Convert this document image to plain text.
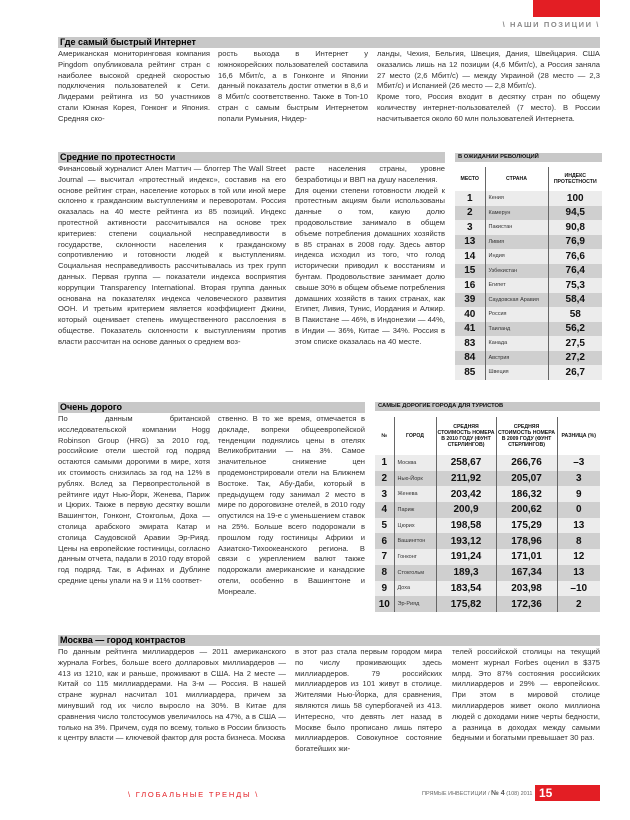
\ НАШИ ПОЗИЦИИ \
Где самый быстрый Интернет
Американская мониторинговая компания Pingdom опубликовала рейтинг стран с наиболее высокой средней скоростью подключения пользователей к Сети. Лидерами рейтинга из 50 участников стали Южная Корея, Гонконг и Япония. Средняя ско-
рость выхода в Интернет у южнокорейских пользователей составила 16,6 Мбит/с, а в Гонконге и Японии данный показатель достиг отметки в 8,6 и 8 Мбит/с соответственно. Также в Топ-10 стран с самым быстрым Интернетом попали Румыния, Нидер-
ланды, Чехия, Бельгия, Швеция, Дания, Швейцария. США оказались лишь на 12 позиции (4,6 Мбит/с), а Россия заняла 27 место (2,6 Мбит/с) — между Украиной (28 место — 2,3 Мбит/с) и Испанией (26 место — 2,8 Мбит/с).
Кроме того, Россия входит в десятку стран по общему количеству интернет-пользователей (7 место). В России насчитывается около 60 млн пользователей Интернета.
Средние по протестности
Финансовый журналист Ален Маттич — блоггер The Wall Street Journal — высчитал «протестный индекс», составив на его основе рейтинг стран, население которых в той или иной мере склонно к гражданским выступлениям и переворотам. Россия оказалась на 40 месте рейтинга из 85 позиций. Индекс протестной активности рассчитывался на основе трех критериев: степени социальной несправедливости в государстве, склонности населения к гражданскому сопротивлению и готовности людей к выступлениям. Социальная несправедливость рассчитывалась из трех групп данных. Первая группа — показатели индекса восприятия коррупции Transparency International. Вторая группа данных основана на показателях индекса человеческого развития ООН. И третьим критерием является коэффициент Джини, который оценивает степень имущественного расслоения в обществе. Показатель склонности к выступлениям против власти рассчитан на основе данных о среднем воз-
расте населения страны, уровне безработицы и ВВП на душу населения.
Для оценки степени готовности людей к протестным акциям были использованы данные о том, какую долю продовольствие занимало в общем объеме потребления домашних хозяйств в 85 странах в 2008 году. Здесь автор индекса исходил из того, что голод исторически приводил к восстаниям и бунтам. Продовольствие занимает долю свыше 30% в общем объеме потребления домашних хозяйств в таких странах, как Египет, Ливия, Тунис, Иордания и Алжир. В Пакистане — 46%, в Индонезии — 44%, в Индии — 36%, Китае — 34%. Россия в этом списке оказалась на 40 месте.
В ОЖИДАНИИ РЕВОЛЮЦИЙ
МЕСТО	СТРАНА	ИНДЕКС ПРОТЕСТНОСТИ
1	Кения	100
2	Камерун	94,5
3	Пакистан	90,8
13	Ливия	76,9
14	Индия	76,6
15	Узбекистан	76,4
16	Египет	75,3
39	Саудовская Аравия	58,4
40	Россия	58
41	Таиланд	56,2
83	Канада	27,5
84	Австрия	27,2
85	Швеция	26,7
Очень дорого
По данным британской исследовательской компании Hogg Robinson Group (HRG) за 2010 год, российские отели шестой год подряд остаются самыми дорогими в мире, хотя их стоимость снизилась за год на 12% в рублях. Вслед за Первопрестольной в рейтинге идут Нью-Йорк, Женева, Париж и Цюрих. Также в первую десятку вошли Вашингтон, Гонконг, Стокгольм, Доха — столица арабского эмирата Катар и столица Саудовской Аравии Эр-Рияд. Цены на европейские гостиницы, согласно данным отчета, падали в 2010 году второй год подряд. Так, в Афинах и Дублине средние цены упали на 9 и 11% соответ-
ственно. В то же время, отмечается в докладе, вопреки общеевропейской тенденции поднялись цены в отелях Великобритании — на 3%. Самое значительное снижение цен продемонстрировали отели на Ближнем Востоке. Так, Абу-Даби, который в предыдущем году занимал 2 место в мире по дороговизне отелей, в 2010 году опустился на 19-е с уменьшением ставок на 25%. Больше всего подорожали в прошлом году гостиницы Африки и Азиатско-Тихоокеанского региона. В связи с укреплением валют также подорожали американские и канадские отели, особенно в Вашингтоне и Монреале.
САМЫЕ ДОРОГИЕ ГОРОДА ДЛЯ ТУРИСТОВ
№	ГОРОД	СРЕДНЯЯ СТОИМОСТЬ НОМЕРА В 2010 ГОДУ (ФУНТ СТЕРЛИНГОВ)	СРЕДНЯЯ СТОИМОСТЬ НОМЕРА В 2009 ГОДУ (ФУНТ СТЕРЛИНГОВ)	РАЗНИЦА (%)
1	Москва	258,67	266,76	–3
2	Нью-Йорк	211,92	205,07	3
3	Женева	203,42	186,32	9
4	Париж	200,9	200,62	0
5	Цюрих	198,58	175,29	13
6	Вашингтон	193,12	178,96	8
7	Гонконг	191,24	171,01	12
8	Стокгольм	189,3	167,34	13
9	Доха	183,54	203,98	–10
10	Эр-Рияд	175,82	172,36	2
Москва — город контрастов
По данным рейтинга миллиардеров — 2011 американского журнала Forbes, больше всего долларовых миллиардеров — 413 из 1210, как и раньше, проживают в США. На 2 месте — Китай со 115 миллиардерами. На 3-м — Россия. В нашей стране журнал насчитал 101 миллиардера, причем за минувший год их число выросло на 30%. В Китае для сравнения число толстосумов увеличилось на 47%, а в США — только на 3%. Причем, судя по всему, только в России близость к центру власти — ключевой фактор для роста бизнеса. Москва
в этот раз стала первым городом мира по числу проживающих здесь миллиардеров. 79 российских миллиардеров из 101 живут в столице. Жителями Нью-Йорка, для сравнения, являются лишь 58 супербогачей из 413. Интересно, что девять лет назад в Москве было прописано лишь пятеро миллиардеров. Совокупное состояние богатейших жи-
телей российской столицы на текущий момент журнал Forbes оценил в $375 млрд. Это 87% состояния российских миллиардеров и 29% — европейских. При этом в мировой столице миллиардеров живет около миллиона людей с доходами ниже черты бедности, а разница в доходах между самыми бедными и богатыми превышает 30 раз.
\ ГЛОБАЛЬНЫЕ ТРЕНДЫ \	ПРЯМЫЕ ИНВЕСТИЦИИ / № 4 (108) 2011 15
